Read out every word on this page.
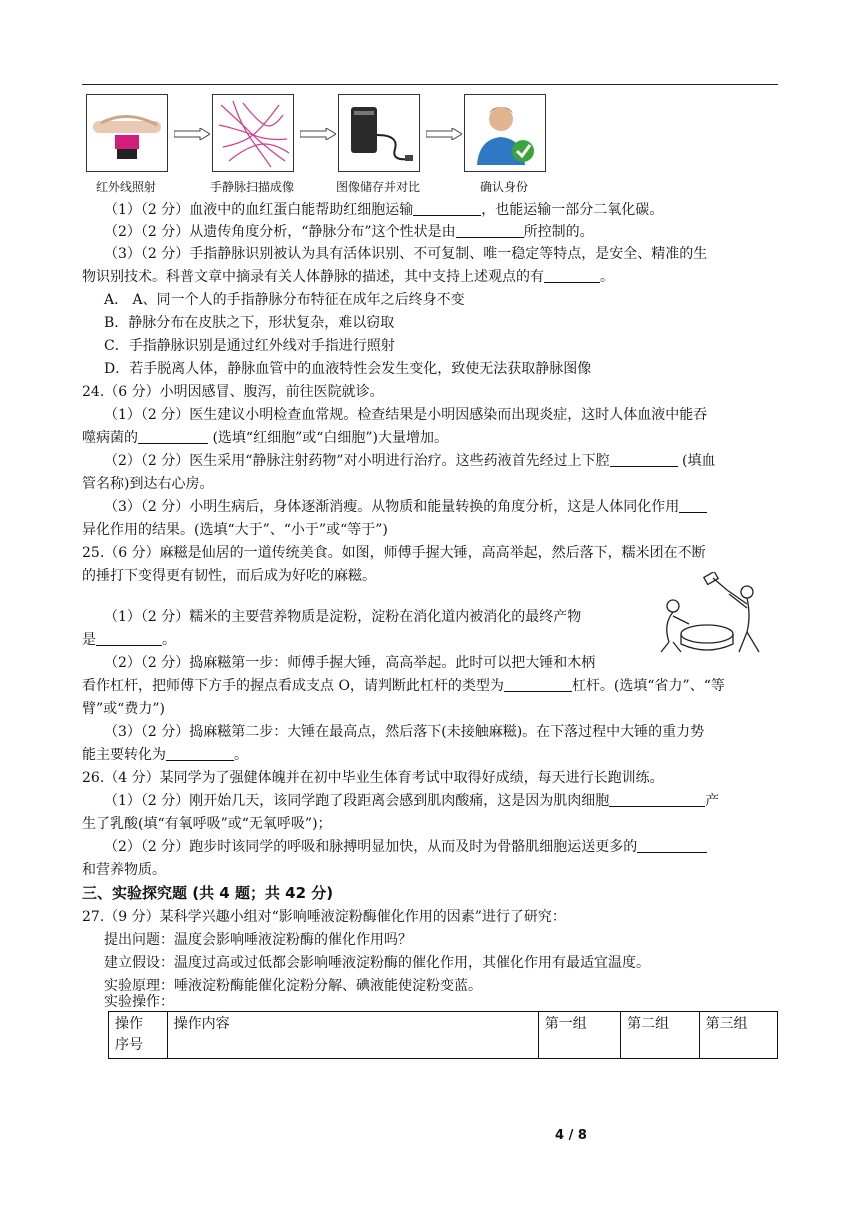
红外线照射	手静脉扫描成像	图像储存并对比	确认身份
（1）（2 分）血液中的血红蛋白能帮助红细胞运输	，也能运输一部分二氧化碳。
（2）（2 分）从遗传角度分析，“静脉分布”这个性状是由	所控制的。
（3）（2 分）手指静脉识别被认为具有活体识别、不可复制、唯一稳定等特点，是安全、精准的生
物识别技术。科普文章中摘录有关人体静脉的描述，其中支持上述观点的有	。
A． A、同一个人的手指静脉分布特征在成年之后终身不变
B．静脉分布在皮肤之下，形状复杂，难以窃取
C．手指静脉识别是通过红外线对手指进行照射
D．若手脱离人体，静脉血管中的血液特性会发生变化，致使无法获取静脉图像
24.（6 分）小明因感冒、腹泻，前往医院就诊。
（1）（2 分）医生建议小明检查血常规。检查结果是小明因感染而出现炎症，这时人体血液中能吞
噬病菌的	(选填“红细胞”或“白细胞”)大量增加。
（2）（2 分）医生采用“静脉注射药物”对小明进行治疗。这些药液首先经过上下腔	(填血
管名称)到达右心房。
（3）（2 分）小明生病后，身体逐渐消瘦。从物质和能量转换的角度分析，这是人体同化作用
异化作用的结果。(选填“大于”、“小于”或“等于”)
25.（6 分）麻糍是仙居的一道传统美食。如图，师傅手握大锤，高高举起，然后落下，糯米团在不断
的捶打下变得更有韧性，而后成为好吃的麻糍。
（1）（2 分）糯米的主要营养物质是淀粉，淀粉在消化道内被消化的最终产物
是	。
（2）（2 分）捣麻糍第一步：师傅手握大锤，高高举起。此时可以把大锤和木柄
看作杠杆，把师傅下方手的握点看成支点 O，请判断此杠杆的类型为	杠杆。(选填“省力”、“等
臂”或“费力”)
（3）（2 分）捣麻糍第二步：大锤在最高点，然后落下(未接触麻糍)。在下落过程中大锤的重力势
能主要转化为	。
26.（4 分）某同学为了强健体魄并在初中毕业生体育考试中取得好成绩，每天进行长跑训练。
（1）（2 分）刚开始几天，该同学跑了段距离会感到肌肉酸痛，这是因为肌肉细胞	产
生了乳酸(填“有氧呼吸”或“无氧呼吸”)；
（2）（2 分）跑步时该同学的呼吸和脉搏明显加快，从而及时为骨骼肌细胞运送更多的
和营养物质。
三、实验探究题 (共 4 题；共 42 分)
27.（9 分）某科学兴趣小组对“影响唾液淀粉酶催化作用的因素”进行了研究：
提出问题：温度会影响唾液淀粉酶的催化作用吗？
建立假设：温度过高或过低都会影响唾液淀粉酶的催化作用，其催化作用有最适宜温度。
实验原理：唾液淀粉酶能催化淀粉分解、碘液能使淀粉变蓝。
实验操作：
操作
序号	操作内容	第一组	第二组	第三组
4 / 8
